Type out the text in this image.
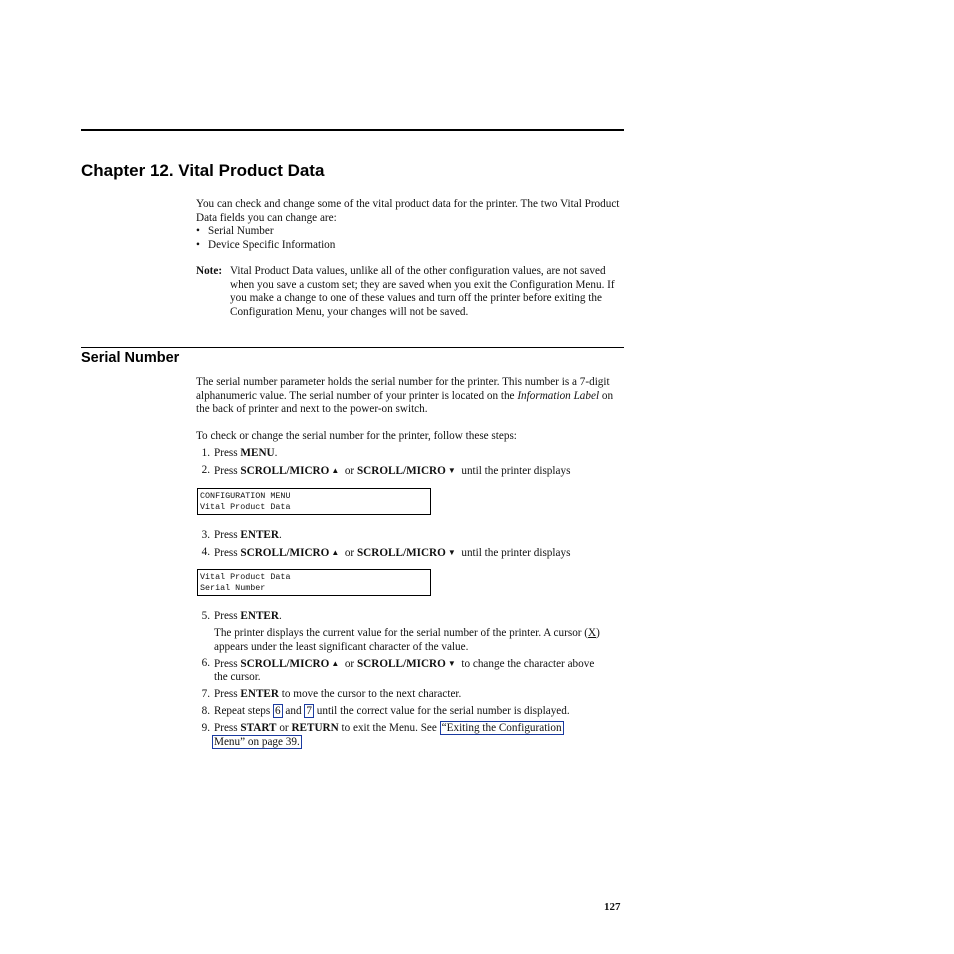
Chapter 12. Vital Product Data
You can check and change some of the vital product data for the printer. The two Vital Product Data fields you can change are:
• Serial Number
• Device Specific Information
Note: Vital Product Data values, unlike all of the other configuration values, are not saved when you save a custom set; they are saved when you exit the Configuration Menu. If you make a change to one of these values and turn off the printer before exiting the Configuration Menu, your changes will not be saved.
Serial Number
The serial number parameter holds the serial number for the printer. This number is a 7-digit alphanumeric value. The serial number of your printer is located on the Information Label on the back of printer and next to the power-on switch.
To check or change the serial number for the printer, follow these steps:
1. Press MENU.
2. Press SCROLL/MICRO ▲ or SCROLL/MICRO ▼ until the printer displays
3. Press ENTER.
4. Press SCROLL/MICRO ▲ or SCROLL/MICRO ▼ until the printer displays
5. Press ENTER.
The printer displays the current value for the serial number of the printer. A cursor (X) appears under the least significant character of the value.
6. Press SCROLL/MICRO ▲ or SCROLL/MICRO ▼ to change the character above
the cursor.
7. Press ENTER to move the cursor to the next character.
8. Repeat steps 6 and 7 until the correct value for the serial number is displayed.
9. Press START or RETURN to exit the Menu. See “Exiting the Configuration
Menu” on page 39.
CONFIGURATION MENU
Vital Product Data
Vital Product Data
Serial Number
127
